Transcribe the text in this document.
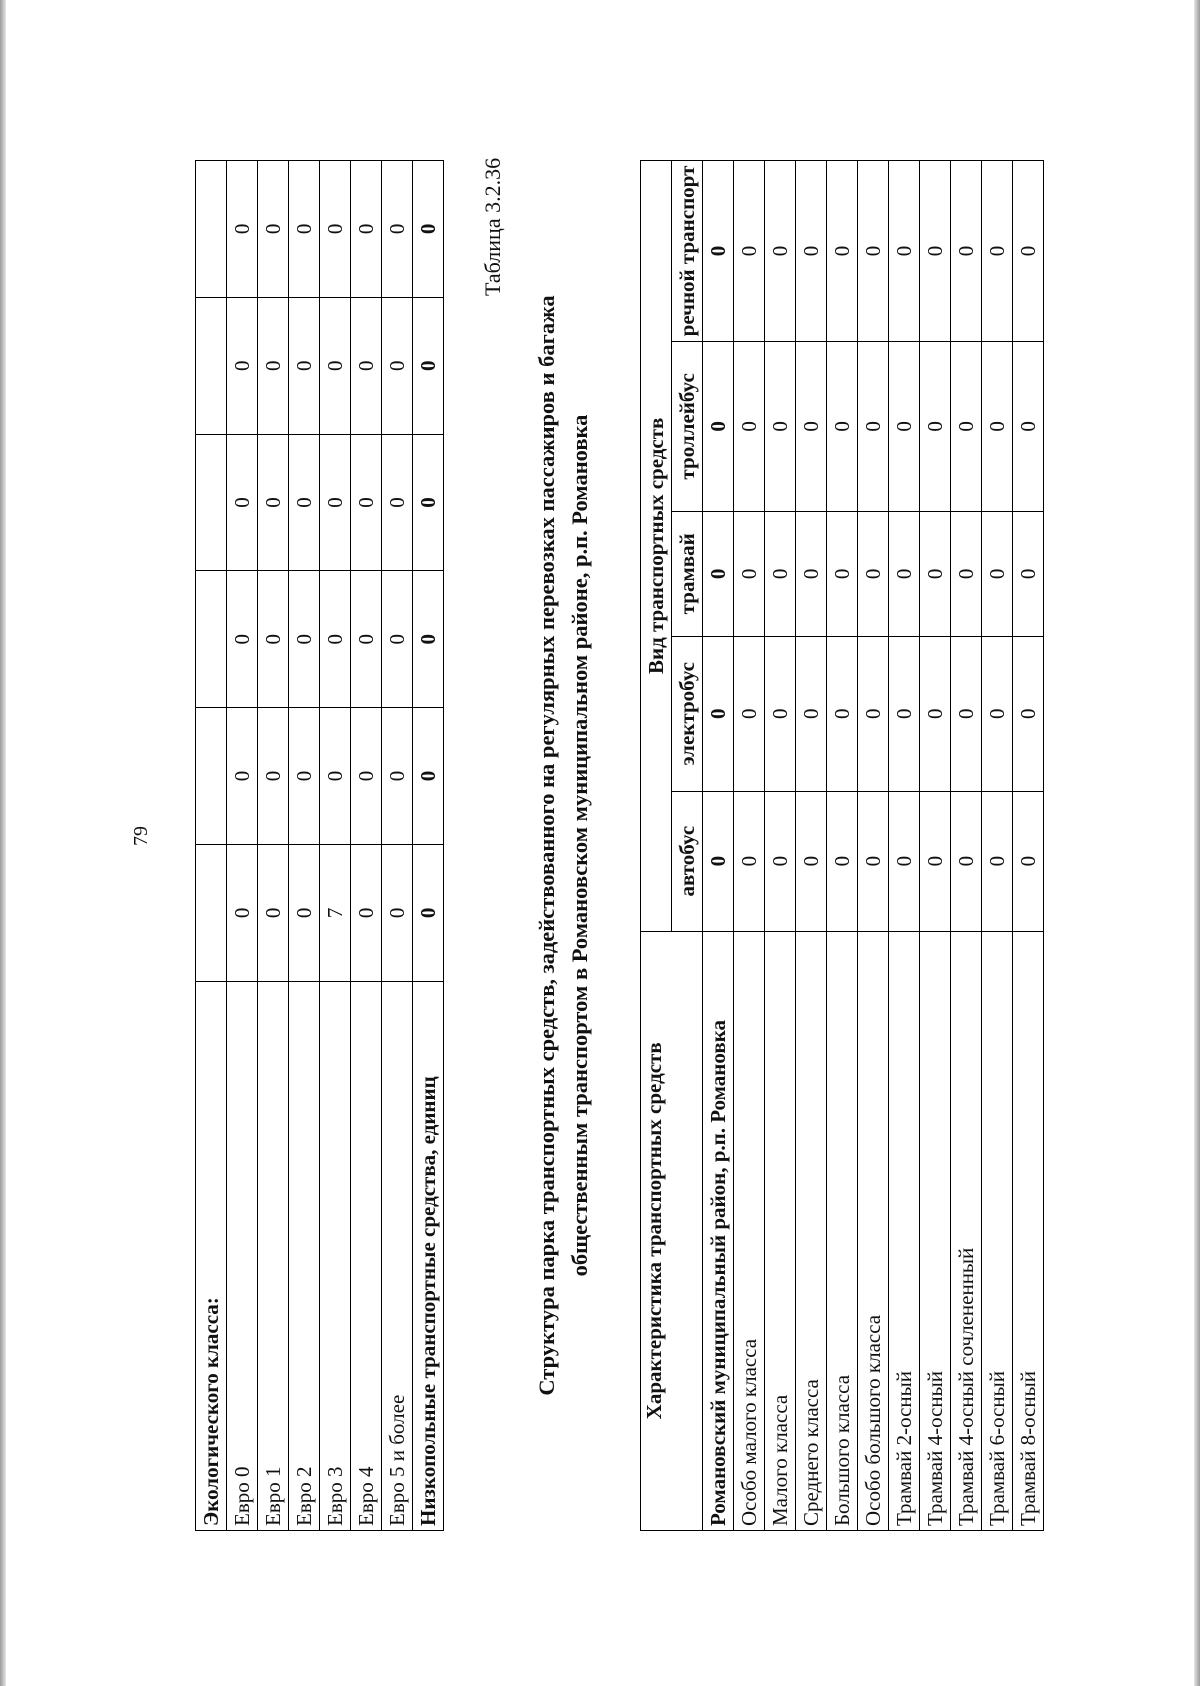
79
Экологического класса:						
Евро 0	0	0	0	0	0	0
Евро 1	0	0	0	0	0	0
Евро 2	0	0	0	0	0	0
Евро 3	7	0	0	0	0	0
Евро 4	0	0	0	0	0	0
Евро 5 и более	0	0	0	0	0	0
Низкопольные транспортные средства, единиц	0	0	0	0	0	0 Таблица 3.2.36
Структура парка транспортных средств, задействованного на регулярных перевозках пассажиров и багажа общественным транспортом в Романовском муниципальном районе, р.п. Романовка Характеристика транспортных средств	Вид транспортных средств				
	автобус	электробус	трамвай	троллейбус	речной транспорт
Романовский муниципальный район, р.п. Романовка	0	0	0	0	0
Особо малого класса	0	0	0	0	0
Малого класса	0	0	0	0	0
Среднего класса	0	0	0	0	0
Большого класса	0	0	0	0	0
Особо большого класса	0	0	0	0	0
Трамвай 2-осный	0	0	0	0	0
Трамвай 4-осный	0	0	0	0	0
Трамвай 4-осный сочлененный	0	0	0	0	0
Трамвай 6-осный	0	0	0	0	0
Трамвай 8-осный	0	0	0	0	0
